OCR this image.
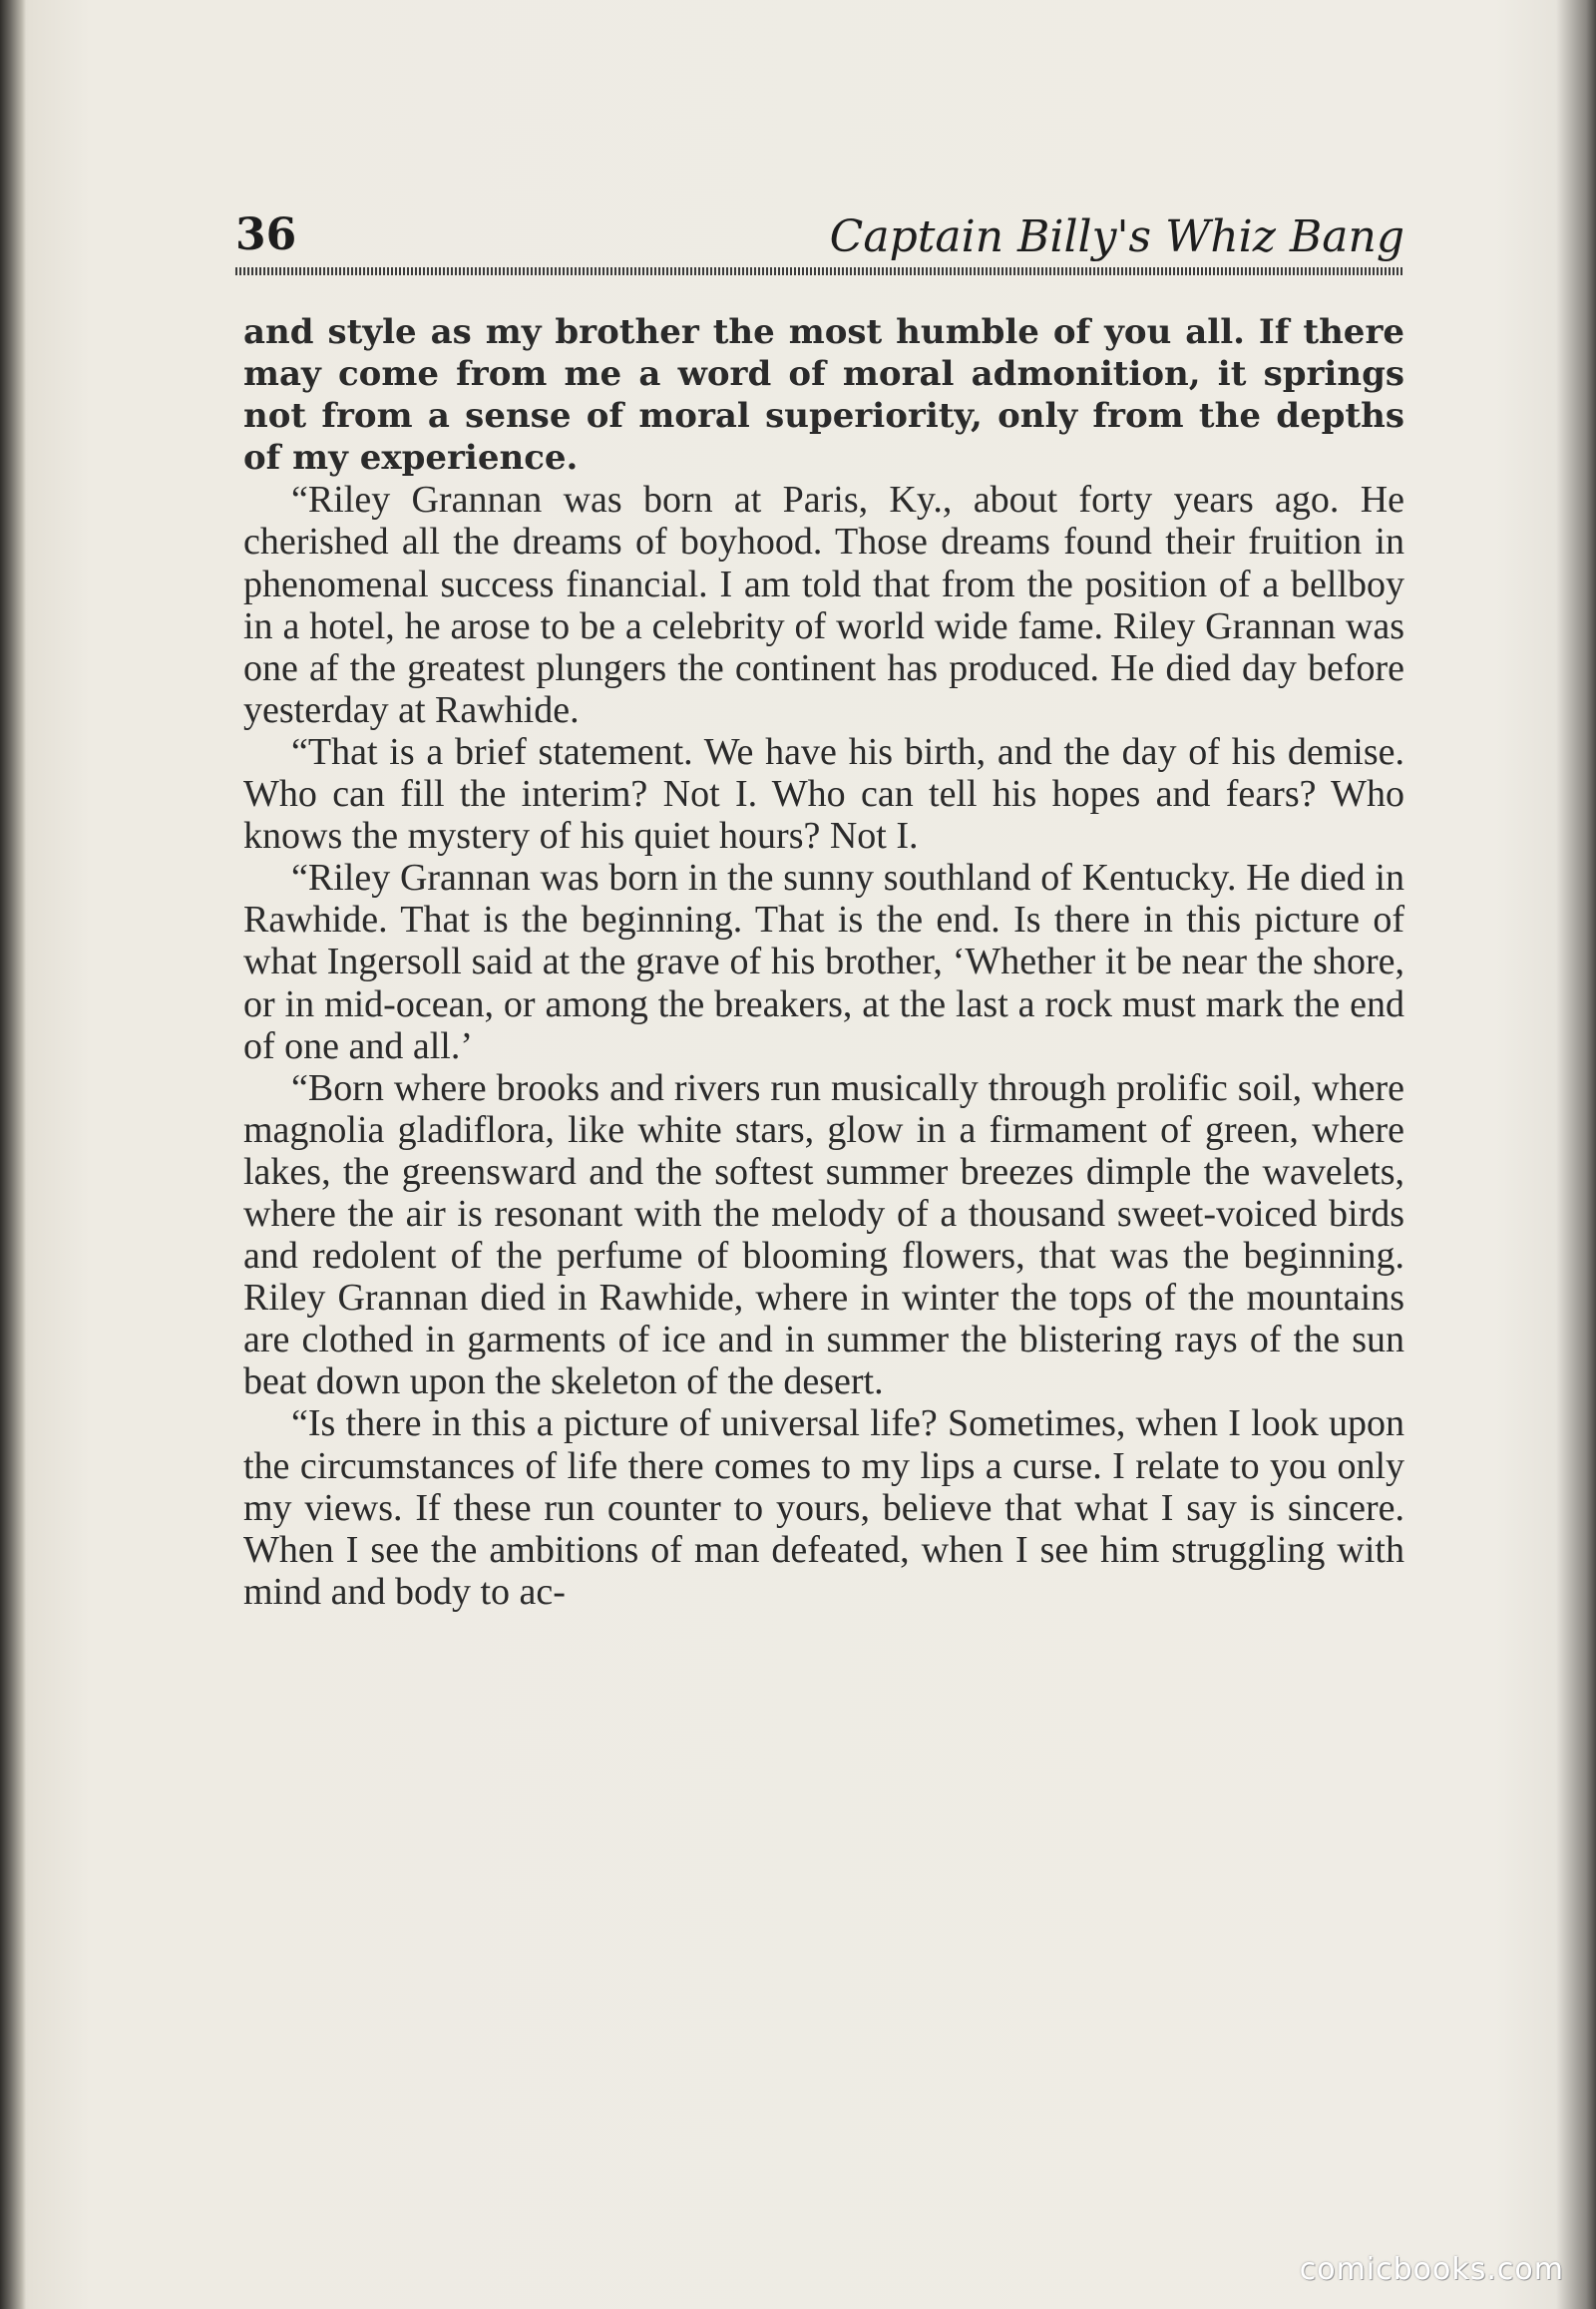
36	Captain Billy's Whiz Bang

and style as my brother the most humble of you all. If there may come from me a word of moral admonition, it springs not from a sense of moral superiority, only from the depths of my experience.

“Riley Grannan was born at Paris, Ky., about forty years ago. He cherished all the dreams of boyhood. Those dreams found their fruition in phenomenal success financial. I am told that from the position of a bellboy in a hotel, he arose to be a celebrity of world wide fame. Riley Grannan was one af the greatest plungers the continent has produced. He died day before yesterday at Rawhide.

“That is a brief statement. We have his birth, and the day of his demise. Who can fill the interim? Not I. Who can tell his hopes and fears? Who knows the mystery of his quiet hours? Not I.

“Riley Grannan was born in the sunny southland of Kentucky. He died in Rawhide. That is the beginning. That is the end. Is there in this picture of what Ingersoll said at the grave of his brother, ‘Whether it be near the shore, or in mid-ocean, or among the breakers, at the last a rock must mark the end of one and all.’

“Born where brooks and rivers run musically through prolific soil, where magnolia gladiflora, like white stars, glow in a firmament of green, where lakes, the greensward and the softest summer breezes dimple the wavelets, where the air is resonant with the melody of a thousand sweet-voiced birds and redolent of the perfume of blooming flowers, that was the beginning. Riley Grannan died in Rawhide, where in winter the tops of the mountains are clothed in garments of ice and in summer the blistering rays of the sun beat down upon the skeleton of the desert.

“Is there in this a picture of universal life? Sometimes, when I look upon the circumstances of life there comes to my lips a curse. I relate to you only my views. If these run counter to yours, believe that what I say is sincere. When I see the ambitions of man defeated, when I see him struggling with mind and body to ac-

comicbooks.com
